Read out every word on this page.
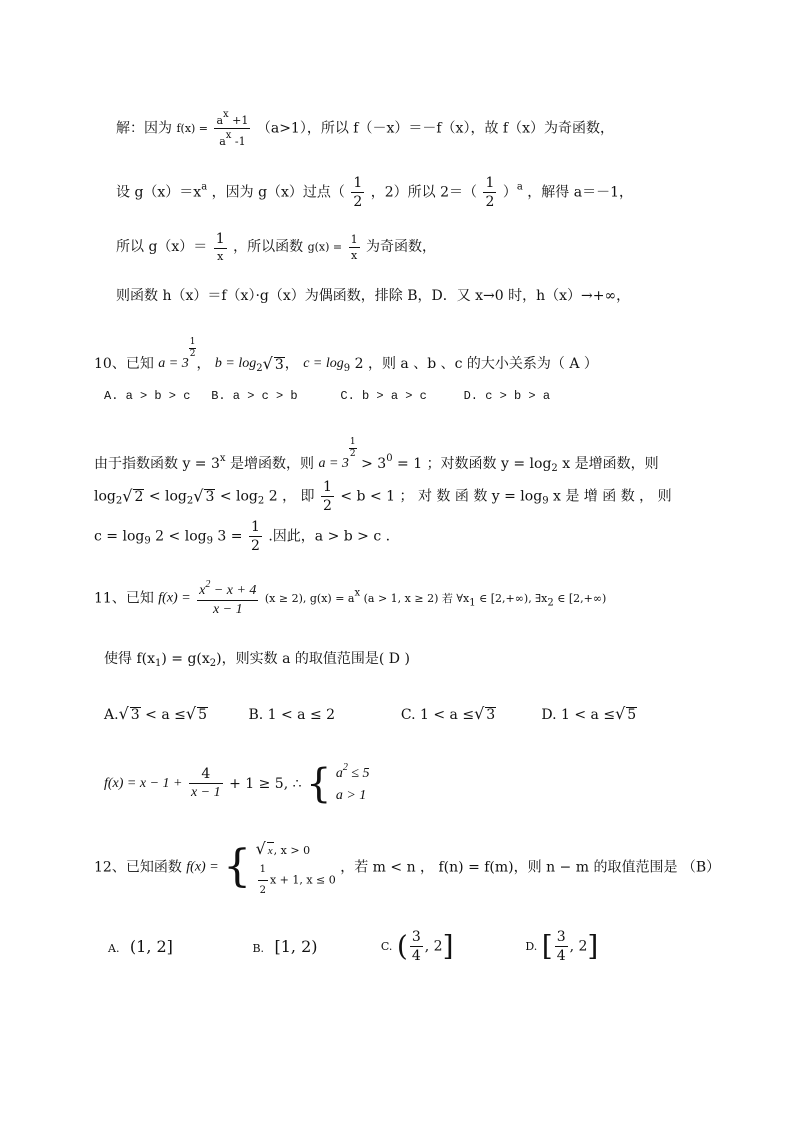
解：因为 $f(x) = \frac{a^x +1}{a^x -1} (a>1)$，所以 f（－x）＝－f（x），故 f（x）为奇函数，
设 $g(x)=x^a$ ，因为 g（x）过点（ $\frac{1}{2}$ ，2）所以 $2=( \frac{1}{2} )^a$ ，解得 a＝－1，
所以 g（x）＝ 1
x
，所以函数 $g(x) = \frac{1}{x}$ 为奇函数，
则函数 h（x）＝f（x）·g（x）为偶函数，排除 B，D．又 x→0 时，h（x）→+∞，
10、已知 a = 3
$\frac{1}{2}$
， $b = \log_2√$ 3， $c = \log_9 2$ ，则 a 、b 、c 的大小关系为（ A ）
A. a > b > c B. a > c > b	C. b > a > c	D. c > b > a
由于指数函数 $y = 3^x$ 是增函数，则 a = 3
$\frac{1}{2}$
> $3^0 = 1$ ；对数函数 $y = \log_2 x$ 是增函数，则
$\log_2√$ $2 < \log_2√$ $3 < \log_2 2$ ， 即 $\frac{1}{2} < b < 1$ ； 对 数 函 数 $y = \log_9 x$ 是 增 函 数 ， 则
$c = \log_9 2 < \log_9 3 = \frac{1}{2}$ .因此，a > b > c .
11、已知 $f(x) = \frac{x^2 - x + 4}{x - 1} (x \ge 2)$, $g(x) = a^x$ (a > 1, x ≥ 2) 若 $\forall x_1$ ∈ [2,+∞), $\exists x_2$ ∈ [2,+∞)
使得 $f(x_1) = g(x_2)$，则实数 a 的取值范围是( D )
A.√ 3 < a ≤√ 5	B. 1 < a ≤ 2	C. 1 < a ≤√ 3	D. 1 < a ≤√ 5
$f(x) = x - 1 + \frac{4}{x - 1} + 1 \ge 5$, ∴ { $a^2 \le 5$
a > 1
12、已知函数 f(x) = { √ x, x > 0
$\frac{1}{2}$ x + 1, x ≤ 0
，若 m < n ， f(n) = f(m)，则 n − m 的取值范围是 （B）
A. (1, 2]	B. [1, 2)	C. ( $\frac{3}{4}$ , 2]	D. [ $\frac{3}{4}$ , 2]
